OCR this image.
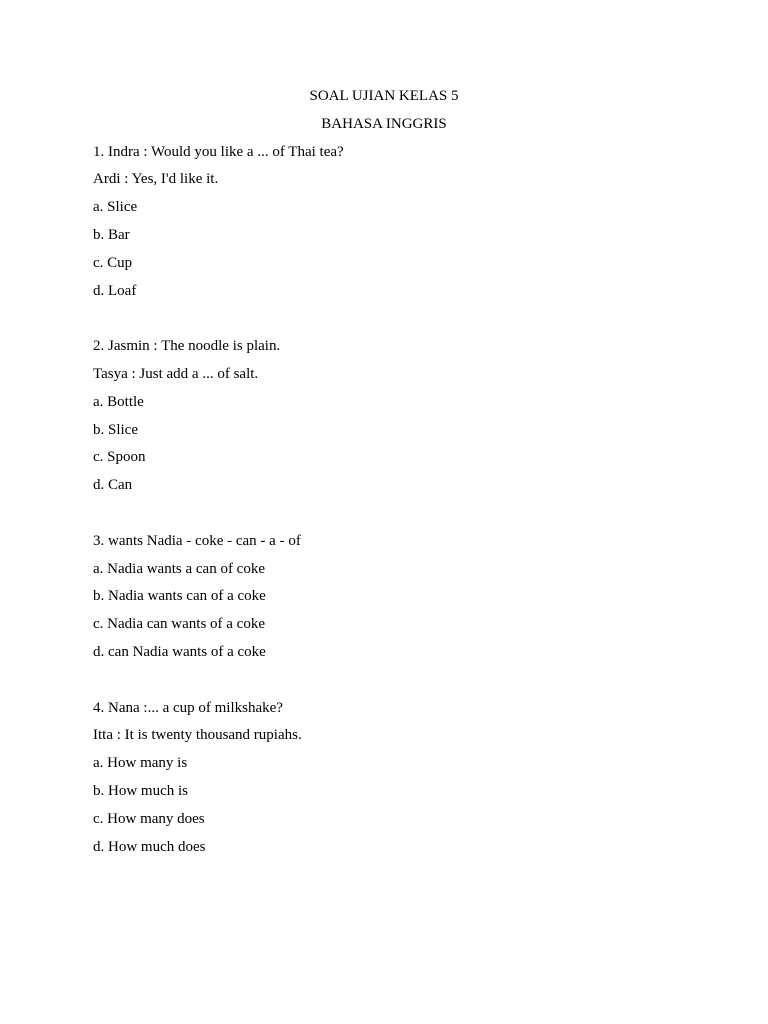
SOAL UJIAN KELAS 5
BAHASA INGGRIS
1. Indra : Would you like a ... of Thai tea?
Ardi : Yes, I'd like it.
a. Slice
b. Bar
c. Cup
d. Loaf
2. Jasmin : The noodle is plain.
Tasya : Just add a ... of salt.
a. Bottle
b. Slice
c. Spoon
d. Can
3. wants Nadia - coke - can - a - of
a. Nadia wants a can of coke
b. Nadia wants can of a coke
c. Nadia can wants of a coke
d. can Nadia wants of a coke
4. Nana :... a cup of milkshake?
Itta : It is twenty thousand rupiahs.
a. How many is
b. How much is
c. How many does
d. How much does
